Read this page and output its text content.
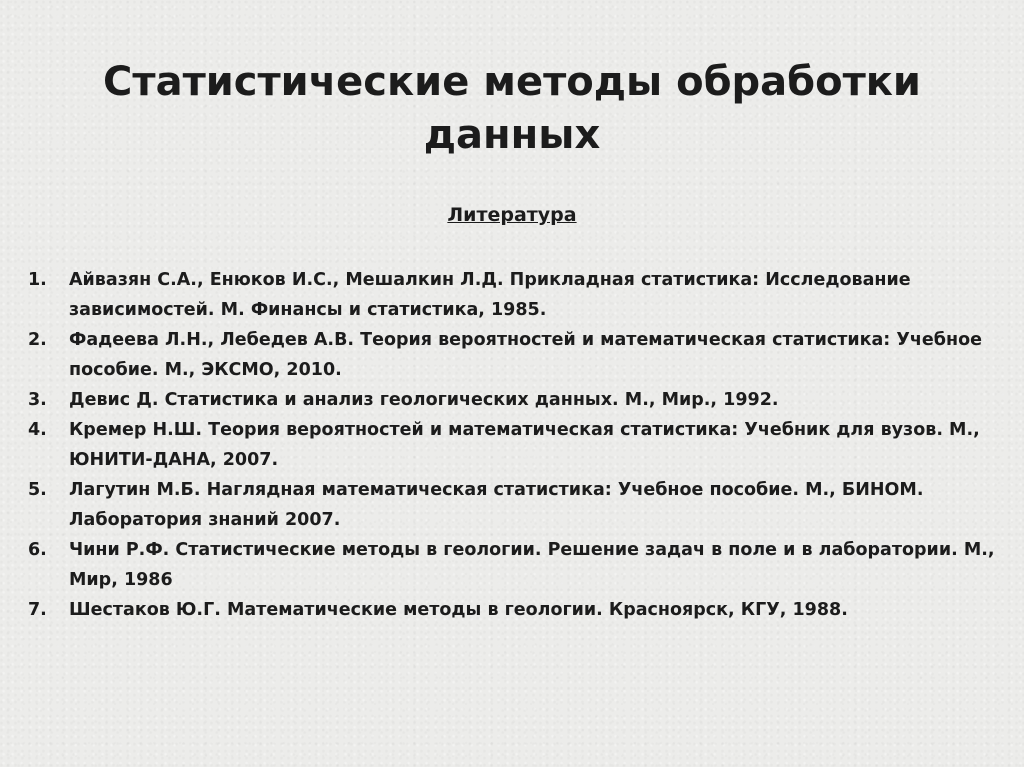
Статистические методы обработки данных
Литература
1. Айвазян С.А., Енюков И.С., Мешалкин Л.Д. Прикладная статистика: Исследование зависимостей. М. Финансы и статистика, 1985.
2. Фадеева Л.Н., Лебедев А.В. Теория вероятностей и математическая статистика: Учебное пособие. М., ЭКСМО, 2010.
3. Девис Д. Статистика и анализ геологических данных. М., Мир., 1992.
4. Кремер Н.Ш. Теория вероятностей и математическая статистика: Учебник для вузов. М., ЮНИТИ-ДАНА, 2007.
5. Лагутин М.Б. Наглядная математическая статистика: Учебное пособие. М., БИНОМ. Лаборатория знаний 2007.
6. Чини Р.Ф. Статистические методы в геологии. Решение задач в поле и в лаборатории. М., Мир, 1986
7. Шестаков Ю.Г. Математические методы в геологии. Красноярск, КГУ, 1988.
